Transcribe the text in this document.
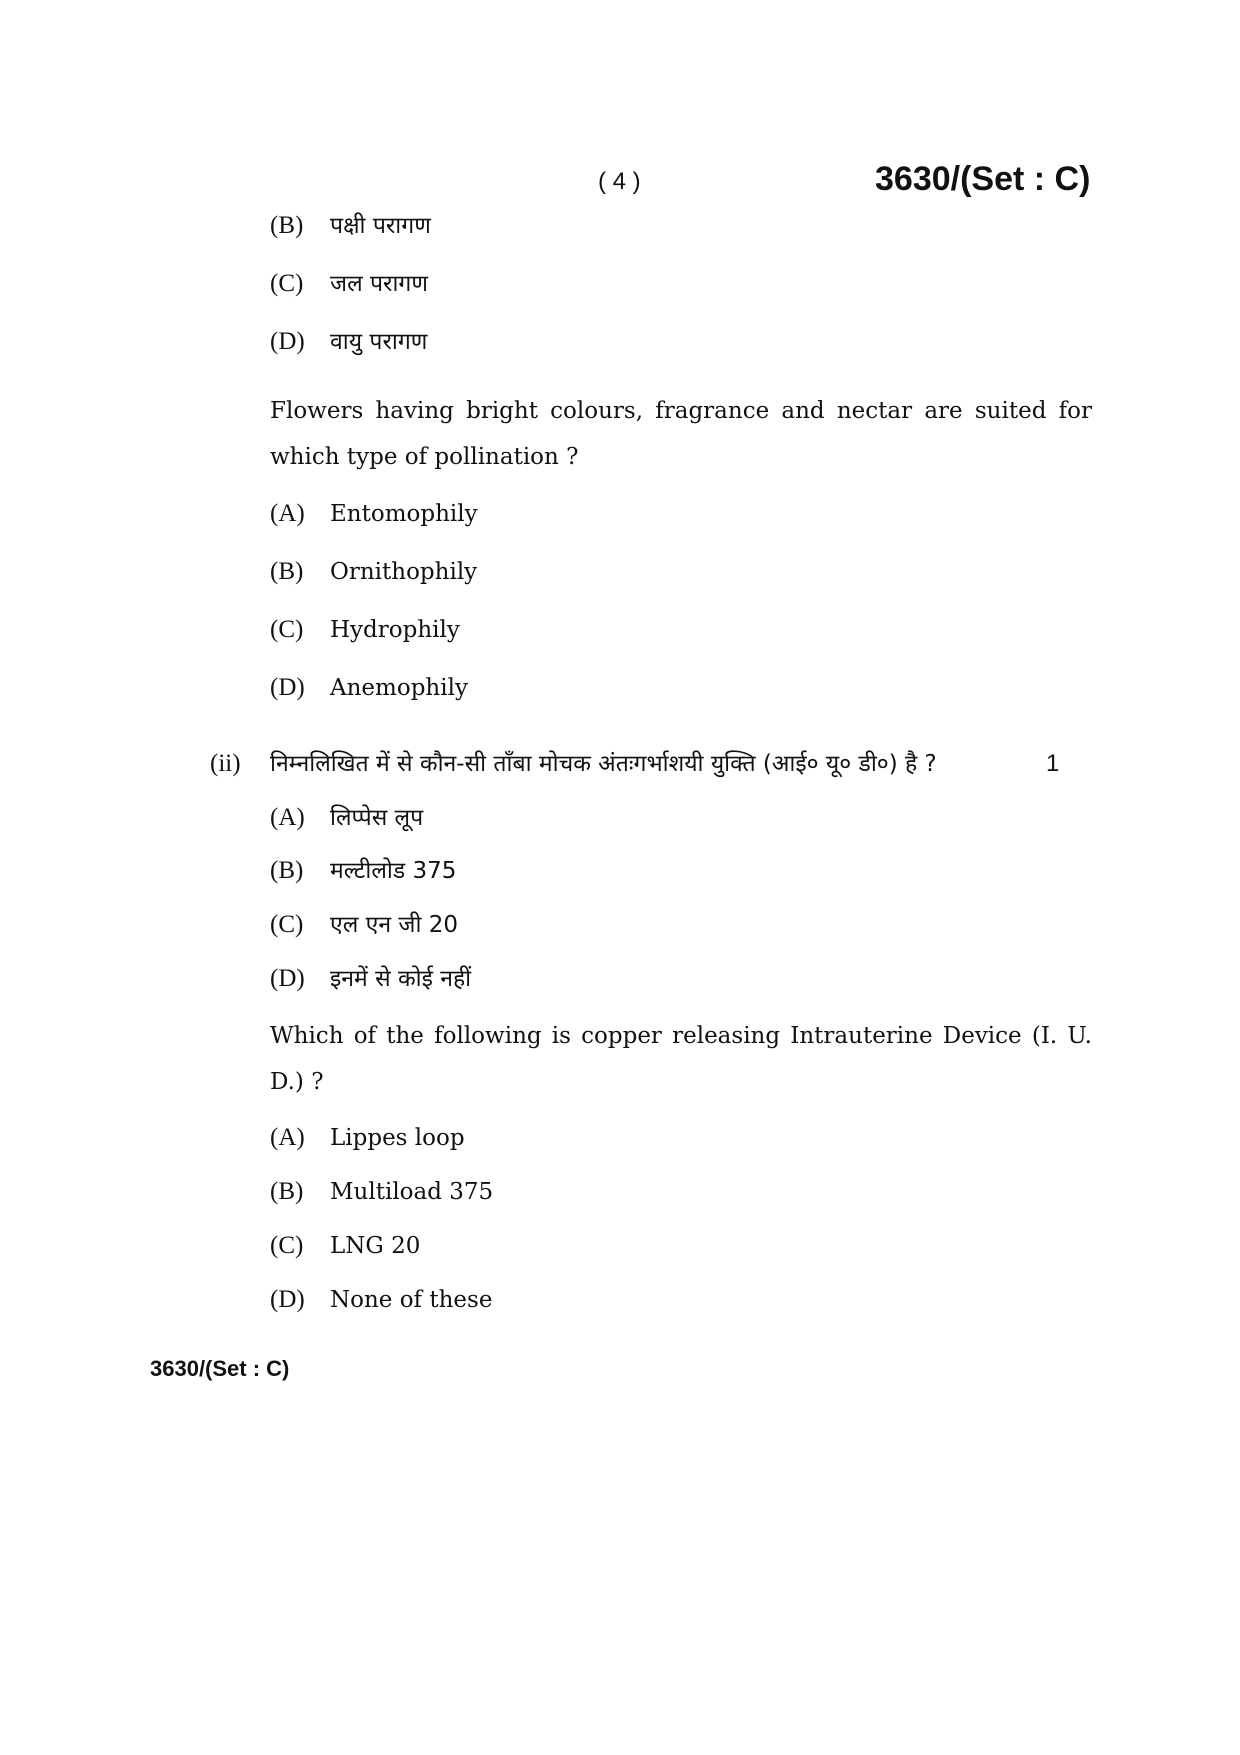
( 4 )	3630/(Set : C)
(B)	पक्षी परागण
(C)	जल परागण
(D)	वायु परागण
Flowers having bright colours, fragrance and nectar are suited for which type of pollination ?
(A)	Entomophily
(B)	Ornithophily
(C)	Hydrophily
(D)	Anemophily
(ii) निम्नलिखित में से कौन-सी ताँबा मोचक अंतःगर्भाशयी युक्ति (आई० यू० डी०) है ?	1
(A)	लिप्पेस लूप
(B)	मल्टीलोड 375
(C)	एल एन जी 20
(D)	इनमें से कोई नहीं
Which of the following is copper releasing Intrauterine Device (I. U. D.) ?
(A)	Lippes loop
(B)	Multiload 375
(C)	LNG 20
(D)	None of these
3630/(Set : C)
